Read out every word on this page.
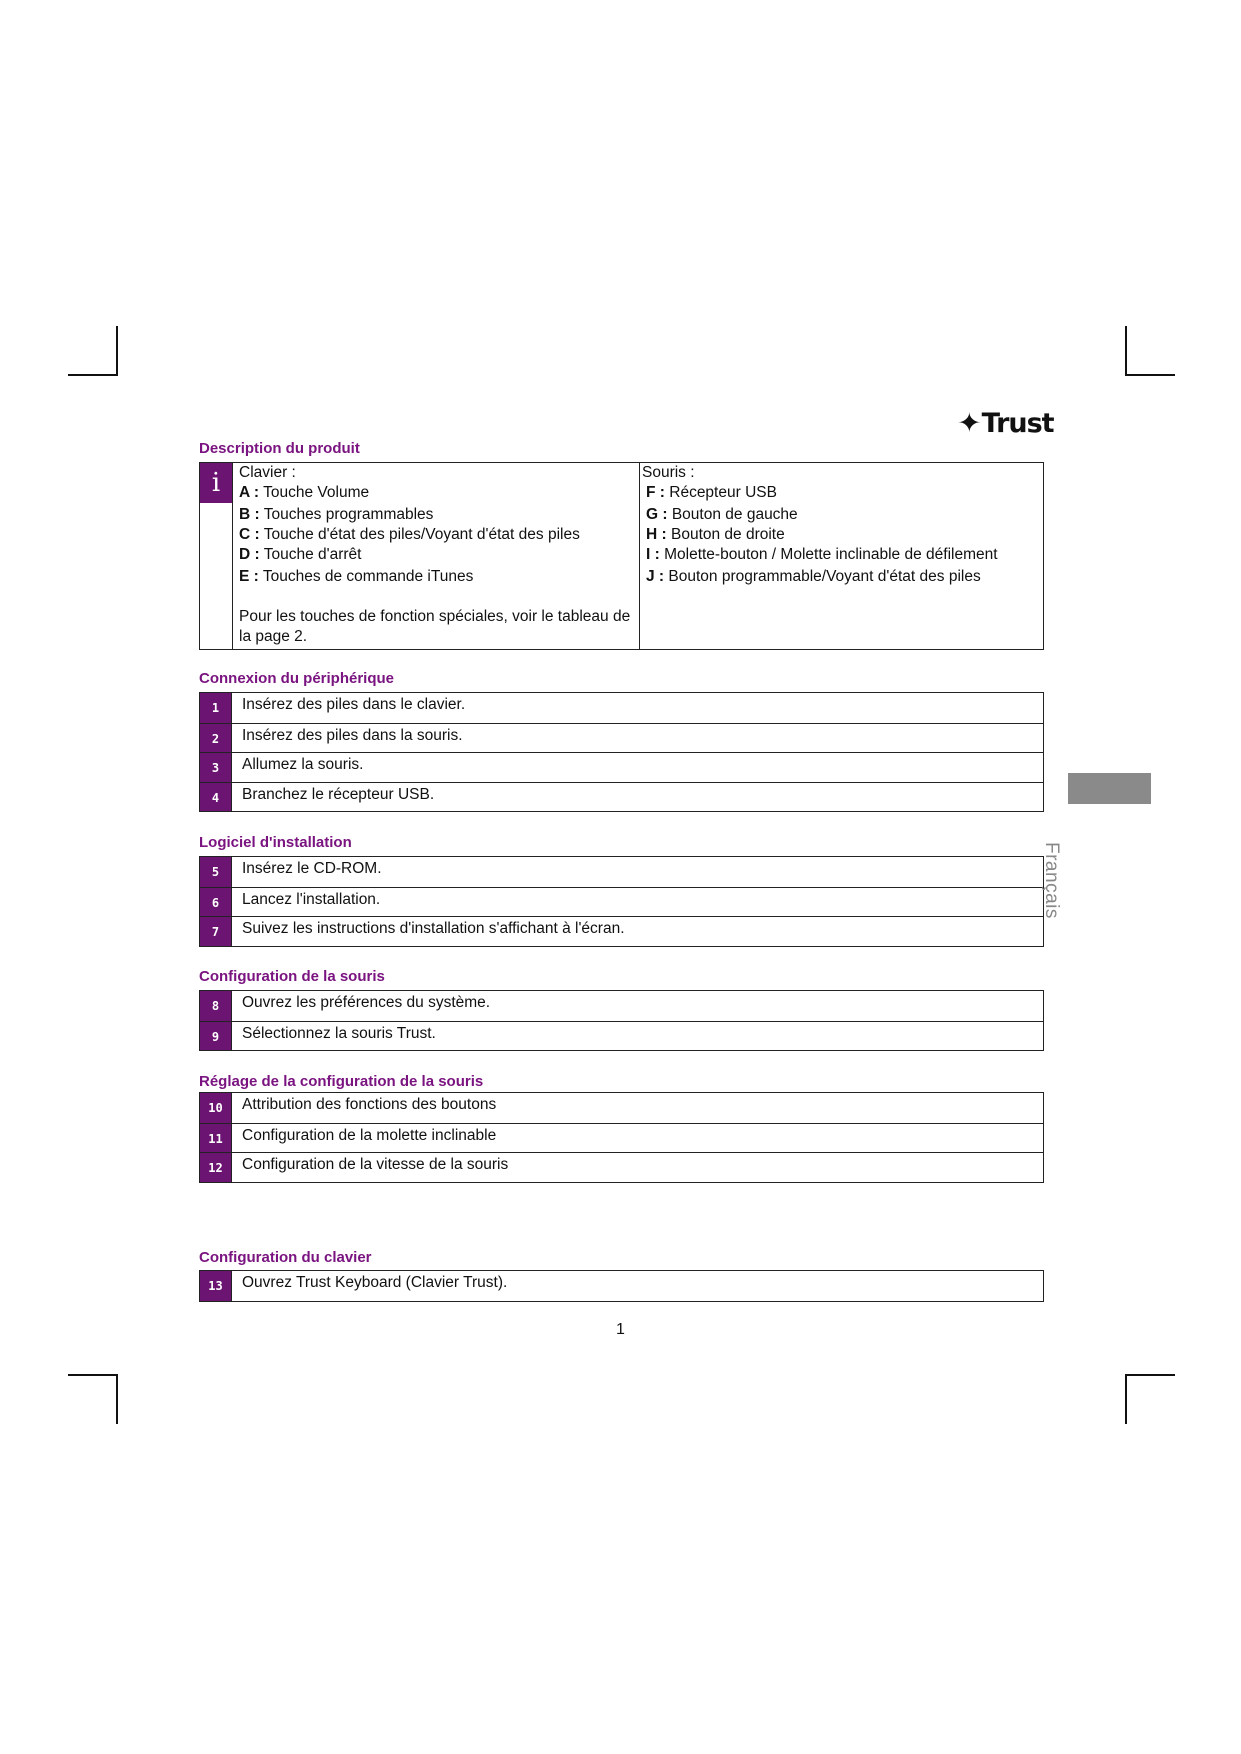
✦Trust
Description du produit
i	Clavier :
A : Touche Volume
B : Touches programmables
C : Touche d'état des piles/Voyant d'état des piles
D : Touche d'arrêt
E : Touches de commande iTunes
Pour les touches de fonction spéciales, voir le tableau de
la page 2.
Souris :
F : Récepteur USB
G : Bouton de gauche
H : Bouton de droite
I : Molette-bouton / Molette inclinable de défilement
J : Bouton programmable/Voyant d'état des piles
Connexion du périphérique
1	Insérez des piles dans le clavier.
2	Insérez des piles dans la souris.
3	Allumez la souris.
4	Branchez le récepteur USB.
Logiciel d'installation
5	Insérez le CD-ROM.
6	Lancez l'installation.
7	Suivez les instructions d'installation s'affichant à l'écran.
Configuration de la souris
8	Ouvrez les préférences du système.
9	Sélectionnez la souris Trust.
Réglage de la configuration de la souris
10	Attribution des fonctions des boutons
11	Configuration de la molette inclinable
12	Configuration de la vitesse de la souris
Configuration du clavier
13	Ouvrez Trust Keyboard (Clavier Trust).
Français
1
